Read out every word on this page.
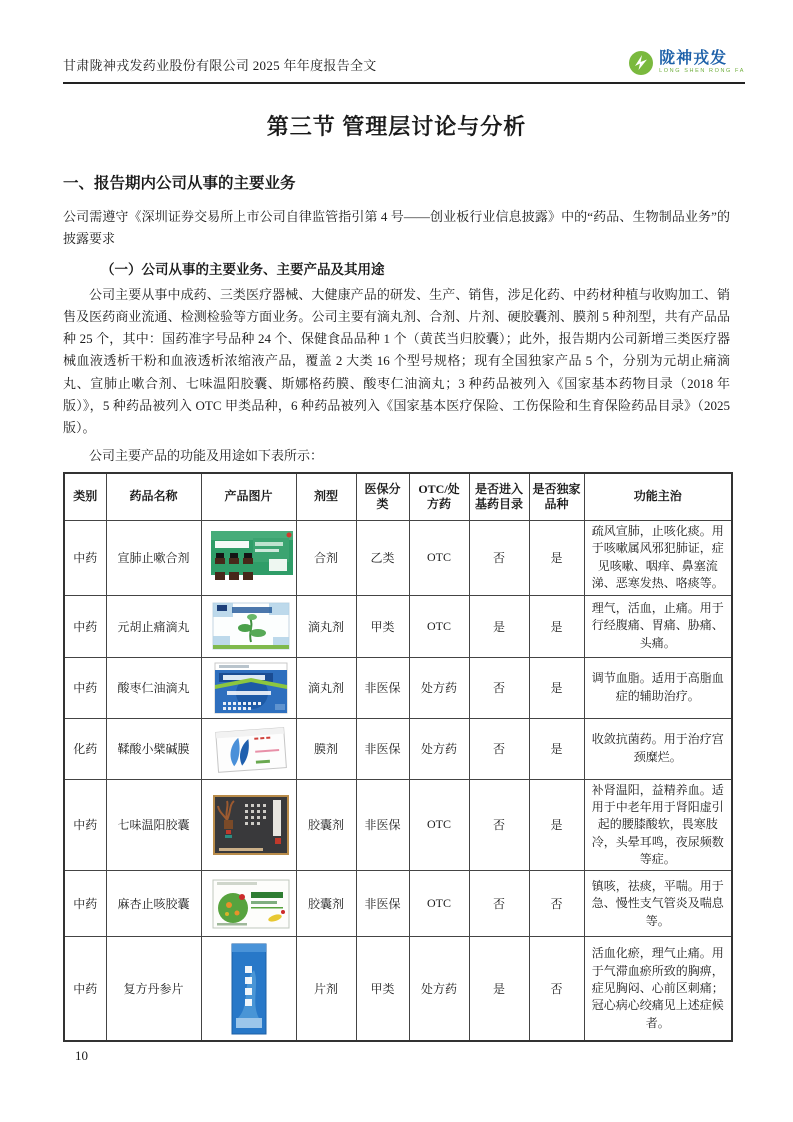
甘肃陇神戎发药业股份有限公司 2025 年年度报告全文	陇神戎发
LONG SHEN RONG FA
第三节 管理层讨论与分析
一、报告期内公司从事的主要业务
公司需遵守《深圳证券交易所上市公司自律监管指引第 4 号——创业板行业信息披露》中的“药品、生物制品业务”的披露要求
（一）公司从事的主要业务、主要产品及其用途
公司主要从事中成药、三类医疗器械、大健康产品的研发、生产、销售，涉足化药、中药材种植与收购加工、销售及医药商业流通、检测检验等方面业务。公司主要有滴丸剂、合剂、片剂、硬胶囊剂、膜剂 5 种剂型，共有产品品种 25 个，其中：国药准字号品种 24 个、保健食品品种 1 个（黄芪当归胶囊）；此外，报告期内公司新增三类医疗器械血液透析干粉和血液透析浓缩液产品，覆盖 2 大类 16 个型号规格；现有全国独家产品 5 个，分别为元胡止痛滴丸、宣肺止嗽合剂、七味温阳胶囊、斯娜格药膜、酸枣仁油滴丸；3 种药品被列入《国家基本药物目录（2018 年版）》，5 种药品被列入 OTC 甲类品种，6 种药品被列入《国家基本医疗保险、工伤保险和生育保险药品目录》（2025 版）。
公司主要产品的功能及用途如下表所示：
类别	药品名称	产品图片	剂型	医保分类	OTC/处方药	是否进入基药目录	是否独家品种	功能主治
中药	宣肺止嗽合剂		合剂	乙类	OTC	否	是	疏风宣肺，止咳化痰。用于咳嗽属风邪犯肺证，症见咳嗽、咽痒、鼻塞流涕、恶寒发热、咯痰等。
中药	元胡止痛滴丸		滴丸剂	甲类	OTC	是	是	理气，活血，止痛。用于行经腹痛、胃痛、胁痛、头痛。
中药	酸枣仁油滴丸		滴丸剂	非医保	处方药	否	是	调节血脂。适用于高脂血症的辅助治疗。
化药	鞣酸小檗碱膜		膜剂	非医保	处方药	否	是	收敛抗菌药。用于治疗宫颈糜烂。
中药	七味温阳胶囊		胶囊剂	非医保	OTC	否	是	补肾温阳，益精养血。适用于中老年用于肾阳虚引起的腰膝酸软，畏寒肢冷，头晕耳鸣，夜尿频数等症。
中药	麻杏止咳胶囊		胶囊剂	非医保	OTC	否	否	镇咳，祛痰，平喘。用于急、慢性支气管炎及喘息等。
中药	复方丹参片		片剂	甲类	处方药	是	否	活血化瘀，理气止痛。用于气滞血瘀所致的胸痹，症见胸闷、心前区刺痛；冠心病心绞痛见上述症候者。
10
